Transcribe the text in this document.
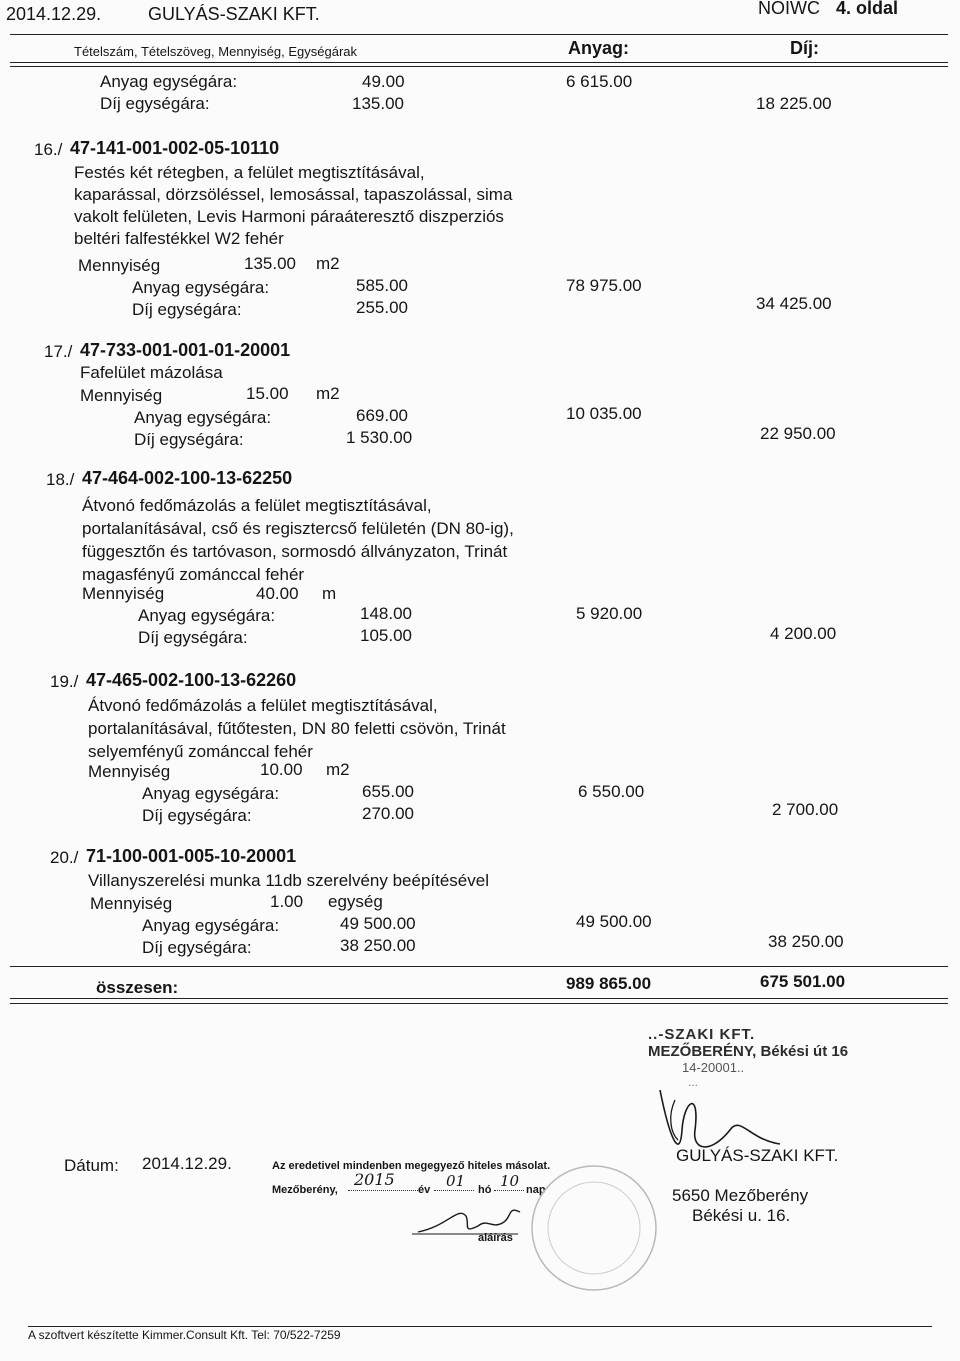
2014.12.29.	GULYÁS-SZAKI KFT.	NOIWC 4. oldal
Tételszám, Tételszöveg, Mennyiség, Egységárak	Anyag:	Díj:
Anyag egységára:	49.00	6 615.00
Díj egységára:	135.00	18 225.00
16./ 47-141-001-002-05-10110
Festés két rétegben, a felület megtisztításával,
kaparással, dörzsöléssel, lemosással, tapaszolással, sima
vakolt felületen, Levis Harmoni páraáteresztő diszperziós
beltéri falfestékkel W2 fehér
Mennyiség	135.00 m2
Anyag egységára:	585.00	78 975.00
Díj egységára:	255.00	34 425.00
17./ 47-733-001-001-01-20001
Fafelület mázolása
Mennyiség	15.00 m2
Anyag egységára:	669.00	10 035.00
Díj egységára:	1 530.00	22 950.00
18./ 47-464-002-100-13-62250
Átvonó fedőmázolás a felület megtisztításával,
portalanításával, cső és regisztercső felületén (DN 80-ig),
függesztőn és tartóvason, sormosdó állványzaton, Trinát
magasfényű zománccal fehér
Mennyiség	40.00 m
Anyag egységára:	148.00	5 920.00
Díj egységára:	105.00	4 200.00
19./ 47-465-002-100-13-62260
Átvonó fedőmázolás a felület megtisztításával,
portalanításával, fűtőtesten, DN 80 feletti csövön, Trinát
selyemfényű zománccal fehér
Mennyiség	10.00 m2
Anyag egységára:	655.00	6 550.00
Díj egységára:	270.00	2 700.00
20./ 71-100-001-005-10-20001
Villanyszerelési munka 11db szerelvény beépítésével
Mennyiség	1.00 egység
Anyag egységára:	49 500.00	49 500.00
Díj egységára:	38 250.00	38 250.00
összesen:	989 865.00	675 501.00
..-SZAKI KFT.
MEZŐBERÉNY, Békési út 16
14-20001..
...
Dátum: 2014.12.29.	Az eredetivel mindenben megegyező hiteles másolat.
Mezőberény,
2015
év 01 hó 10 nap
aláírás
GULYÁS-SZAKI KFT.
5650 Mezőberény
Békési u. 16.
A szoftvert készítette Kimmer.Consult Kft. Tel: 70/522-7259
